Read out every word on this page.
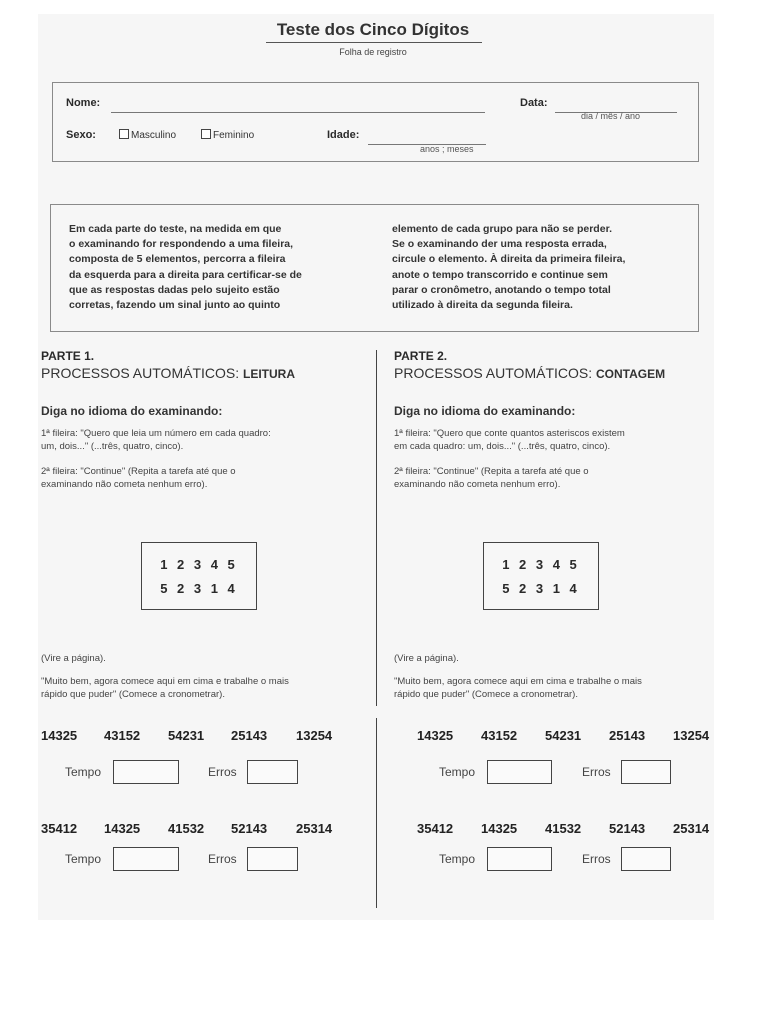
Teste dos Cinco Dígitos
Folha de registro
Nome:	Data:
dia / mês / ano
Sexo:	Masculino	Feminino	Idade:
anos ; meses
Em cada parte do teste, na medida em que
o examinando for respondendo a uma fileira,
composta de 5 elementos, percorra a fileira
da esquerda para a direita para certificar-se de
que as respostas dadas pelo sujeito estão
corretas, fazendo um sinal junto ao quinto
elemento de cada grupo para não se perder.
Se o examinando der uma resposta errada,
circule o elemento. À direita da primeira fileira,
anote o tempo transcorrido e continue sem
parar o cronômetro, anotando o tempo total
utilizado à direita da segunda fileira.
PARTE 1.
PROCESSOS AUTOMÁTICOS: LEITURA
Diga no idioma do examinando:
1ª fileira: "Quero que leia um número em cada quadro:
um, dois..." (...três, quatro, cinco).
2ª fileira: "Continue" (Repita a tarefa até que o
examinando não cometa nenhum erro).
1 2 3 4 5
5 2 3 1 4
(Vire a página).
"Muito bem, agora comece aqui em cima e trabalhe o mais
rápido que puder" (Comece a cronometrar).
14325 43152 54231 25143 13254
Tempo	Erros
35412 14325 41532 52143 25314
Tempo	Erros
PARTE 2.
PROCESSOS AUTOMÁTICOS: CONTAGEM
Diga no idioma do examinando:
1ª fileira: "Quero que conte quantos asteriscos existem
em cada quadro: um, dois..." (...três, quatro, cinco).
2ª fileira: "Continue" (Repita a tarefa até que o
examinando não cometa nenhum erro).
1 2 3 4 5
5 2 3 1 4
(Vire a página).
"Muito bem, agora comece aqui em cima e trabalhe o mais
rápido que puder" (Comece a cronometrar).
14325 43152 54231 25143 13254
Tempo	Erros
35412 14325 41532 52143 25314
Tempo	Erros
